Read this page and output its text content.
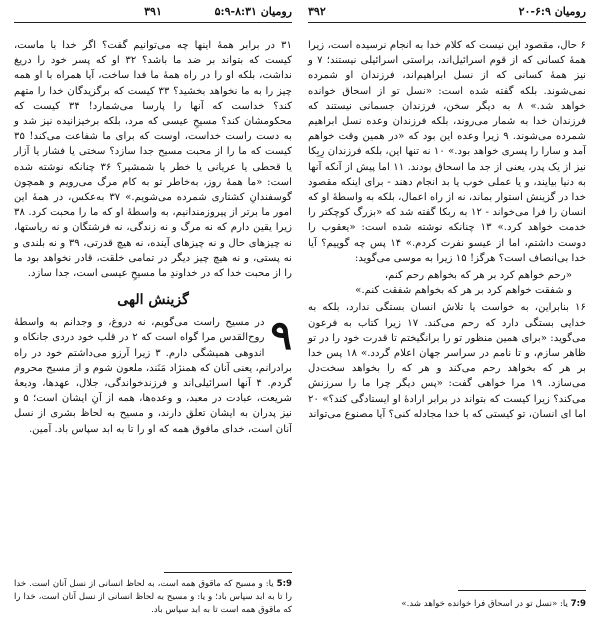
رومیان ۸:۳۱-۵:۹
۳۹۱

۳۱ در برابر همهٔ اینها چه می‌توانیم گفت؟ اگر خدا با ماست، کیست که بتواند بر ضد ما باشد؟ ۳۲ او که پسر خود را دریغ نداشت، بلکه او را در راه همهٔ ما فدا ساخت، آیا همراه با او همه چیز را به ما نخواهد بخشید؟ ۳۳ کیست که برگزیدگان خدا را متهم کند؟ خداست که آنها را پارسا می‌شمارد! ۳۴ کیست که محکومشان کند؟ مسیحِ عیسی که مرد، بلکه برخیزانیده نیز شد و به دست راست خداست، اوست که برای ما شفاعت می‌کند! ۳۵ کیست که ما را از محبت مسیح جدا سازد؟ سختی یا فشار یا آزار یا قحطی یا عریانی یا خطر یا شمشیر؟ ۳۶ چنانکه نوشته شده است: «ما همهٔ روز، به‌خاطر تو به کام مرگ می‌رویم و همچون گوسفندانِ کشتاری شمرده می‌شویم.» ۳۷ به‌عکس، در همهٔ این امور ما برتر از پیروزمندانیم، به واسطهٔ او که ما را محبت کرد. ۳۸ زیرا یقین دارم که نه مرگ و نه زندگی، نه فرشتگان و نه ریاستها، نه چیزهای حال و نه چیزهای آینده، نه هیچ قدرتی، ۳۹ و نه بلندی و نه پستی، و نه هیچ چیز دیگر در تمامی خلقت، قادر نخواهد بود ما را از محبت خدا که در خداوندِ ما مسیحِ عیسی است، جدا سازد.

گزینش الهی
۹

در مسیح راست می‌گویم، نه دروغ، و وجدانم به واسطهٔ روح‌القدس مرا گواه است که ۲ در قلب خود دردی جانکاه و اندوهی همیشگی دارم. ۳ زیرا آرزو می‌داشتم خود در راه برادرانم، یعنی آنان که همنژاد مَنَند، ملعون شوم و از مسیح محروم گردم. ۴ آنها اسرائیلی‌اند و فرزندخواندگی، جلال، عهدها، ودیعهٔ شریعت، عبادت در معبد، و وعده‌ها، همه از آنِ ایشان است؛ ۵ و نیز پدران به ایشان تعلق دارند، و مسیح به لحاظ بشری از نسل آنان است، خدای مافوق همه که او را تا به ابد سپاس باد. آمین.

5:9 یا: و مسیح که ماقوق همه است، به لحاظ انسانی از نسل آنان است. خدا را تا به ابد سپاس باد؛ و یا: و مسیح به لحاظ انسانی از نسل آنان است، خدا را که ماقوق همه است تا به ابد سپاس باد.
رومیان ۶:۹-۲۰
۳۹۲

۶ حال، مقصود این نیست که کلام خدا به انجام نرسیده است، زیرا همهٔ کسانی که از قوم اسرائیل‌اند، براستی اسرائیلی نیستند؛ ۷ و نیز همهٔ کسانی که از نسل ابراهیم‌اند، فرزندان او شمرده نمی‌شوند. بلکه گفته شده است: «نسل تو از اسحاق خوانده خواهد شد.» ۸ به دیگر سخن، فرزندان جسمانی نیستند که فرزندان خدا به شمار می‌روند، بلکه فرزندان وعده نسل ابراهیم شمرده می‌شوند. ۹ زیرا وعده این بود که «در همین وقت خواهم آمد و سارا را پسری خواهد بود.» ۱۰ نه تنها این، بلکه فرزندان رِبِکا نیز از یک پدر، یعنی از جد ما اسحاق بودند. ۱۱ اما پیش از آنکه آنها به دنیا بیایند، و یا عملی خوب یا بد انجام دهند - برای اینکه مقصود خدا در گزینش استوار بماند، نه از راه اعمال، بلکه به واسطهٔ او که انسان را فرا می‌خواند - ۱۲ به ربکا گفته شد که «بزرگ کوچکتر را خدمت خواهد کرد.» ۱۳ چنانکه نوشته شده است: «یعقوب را دوست داشتم، اما از عیسو نفرت کردم.» ۱۴ پس چه گوییم؟ آیا خدا بی‌انصاف است؟ هرگز! ۱۵ زیرا به موسی می‌گوید:

«رحم خواهم کرد بر هر که بخواهم رحم کنم،
و شفقت خواهم کرد بر هر که بخواهم شفقت کنم.»

۱۶ بنابراین، به خواست یا تلاش انسان بستگی ندارد، بلکه به خدایی بستگی دارد که رحم می‌کند. ۱۷ زیرا کتاب به فرعون می‌گوید: «برای همین منظور تو را برانگیختم تا قدرت خود را در تو ظاهر سازم، و تا نامم در سراسر جهان اعلام گردد.» ۱۸ پس خدا بر هر که بخواهد رحم می‌کند و هر که را بخواهد سخت‌دل می‌سازد. ۱۹ مرا خواهی گفت: «پس دیگر چرا ما را سرزنش می‌کند؟ زیرا کیست که بتواند در برابر ارادهٔ او ایستادگی کند؟» ۲۰ اما ای انسان، تو کیستی که با خدا مجادله کنی؟ آیا مصنوع می‌تواند

7:9 یا: «نسل تو در اسحاق فرا خوانده خواهد شد.»
